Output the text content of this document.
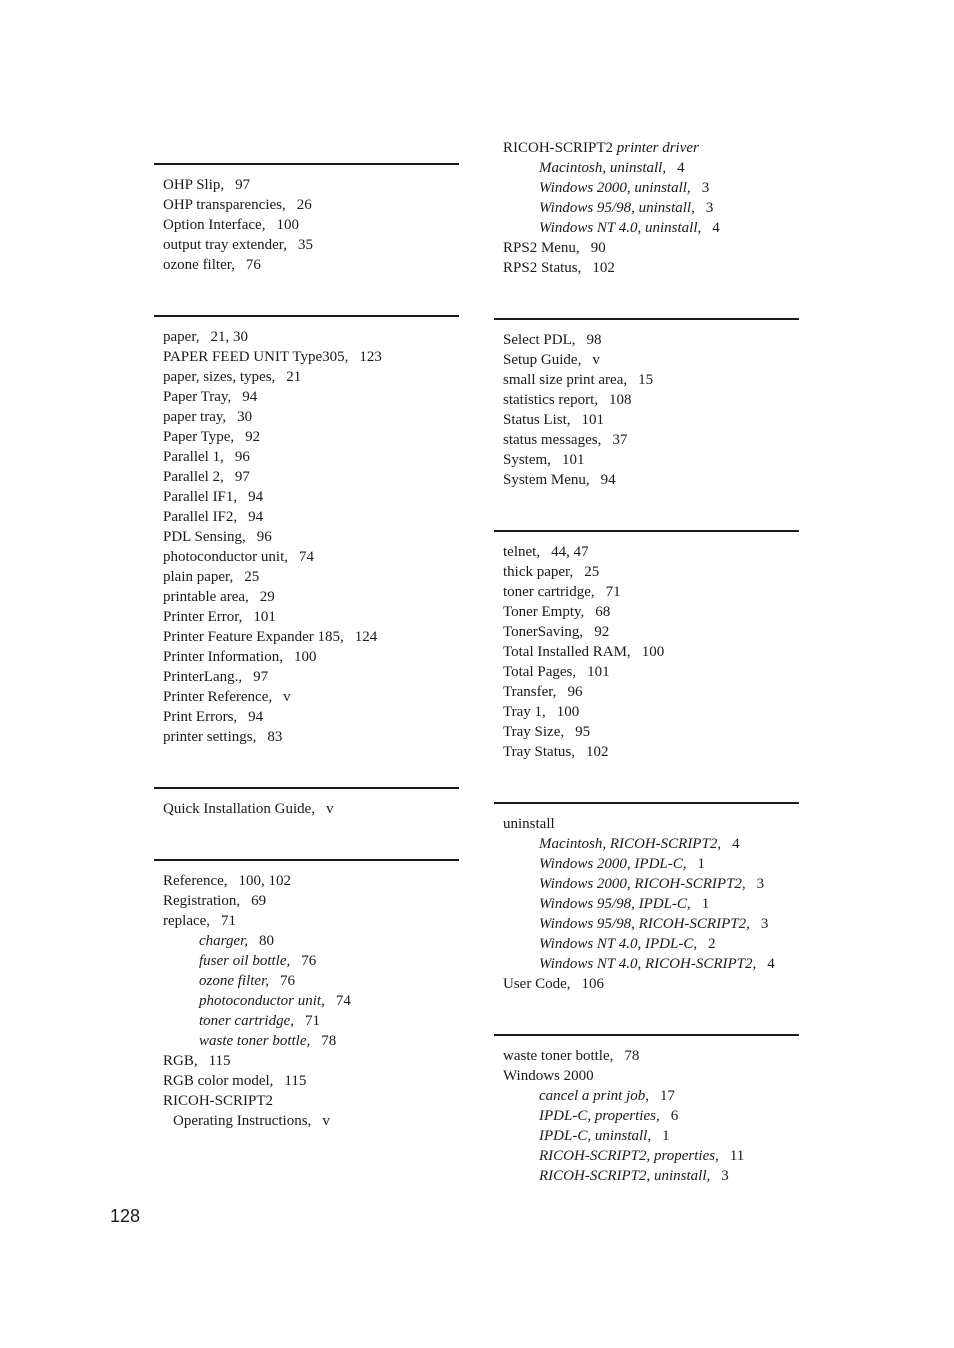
OHP Slip, 97
OHP transparencies, 26
Option Interface, 100
output tray extender, 35
ozone filter, 76
paper, 21, 30
PAPER FEED UNIT Type305, 123
paper, sizes, types, 21
Paper Tray, 94
paper tray, 30
Paper Type, 92
Parallel 1, 96
Parallel 2, 97
Parallel IF1, 94
Parallel IF2, 94
PDL Sensing, 96
photoconductor unit, 74
plain paper, 25
printable area, 29
Printer Error, 101
Printer Feature Expander 185, 124
Printer Information, 100
PrinterLang., 97
Printer Reference, v
Print Errors, 94
printer settings, 83
Quick Installation Guide, v
Reference, 100, 102
Registration, 69
replace, 71
charger, 80
fuser oil bottle, 76
ozone filter, 76
photoconductor unit, 74
toner cartridge, 71
waste toner bottle, 78
RGB, 115
RGB color model, 115
RICOH-SCRIPT2
Operating Instructions, v
RICOH-SCRIPT2 printer driver
Macintosh, uninstall, 4
Windows 2000, uninstall, 3
Windows 95/98, uninstall, 3
Windows NT 4.0, uninstall, 4
RPS2 Menu, 90
RPS2 Status, 102
Select PDL, 98
Setup Guide, v
small size print area, 15
statistics report, 108
Status List, 101
status messages, 37
System, 101
System Menu, 94
telnet, 44, 47
thick paper, 25
toner cartridge, 71
Toner Empty, 68
TonerSaving, 92
Total Installed RAM, 100
Total Pages, 101
Transfer, 96
Tray 1, 100
Tray Size, 95
Tray Status, 102
uninstall
Macintosh, RICOH-SCRIPT2, 4
Windows 2000, IPDL-C, 1
Windows 2000, RICOH-SCRIPT2, 3
Windows 95/98, IPDL-C, 1
Windows 95/98, RICOH-SCRIPT2, 3
Windows NT 4.0, IPDL-C, 2
Windows NT 4.0, RICOH-SCRIPT2, 4
User Code, 106
waste toner bottle, 78
Windows 2000
cancel a print job, 17
IPDL-C, properties, 6
IPDL-C, uninstall, 1
RICOH-SCRIPT2, properties, 11
RICOH-SCRIPT2, uninstall, 3
128
